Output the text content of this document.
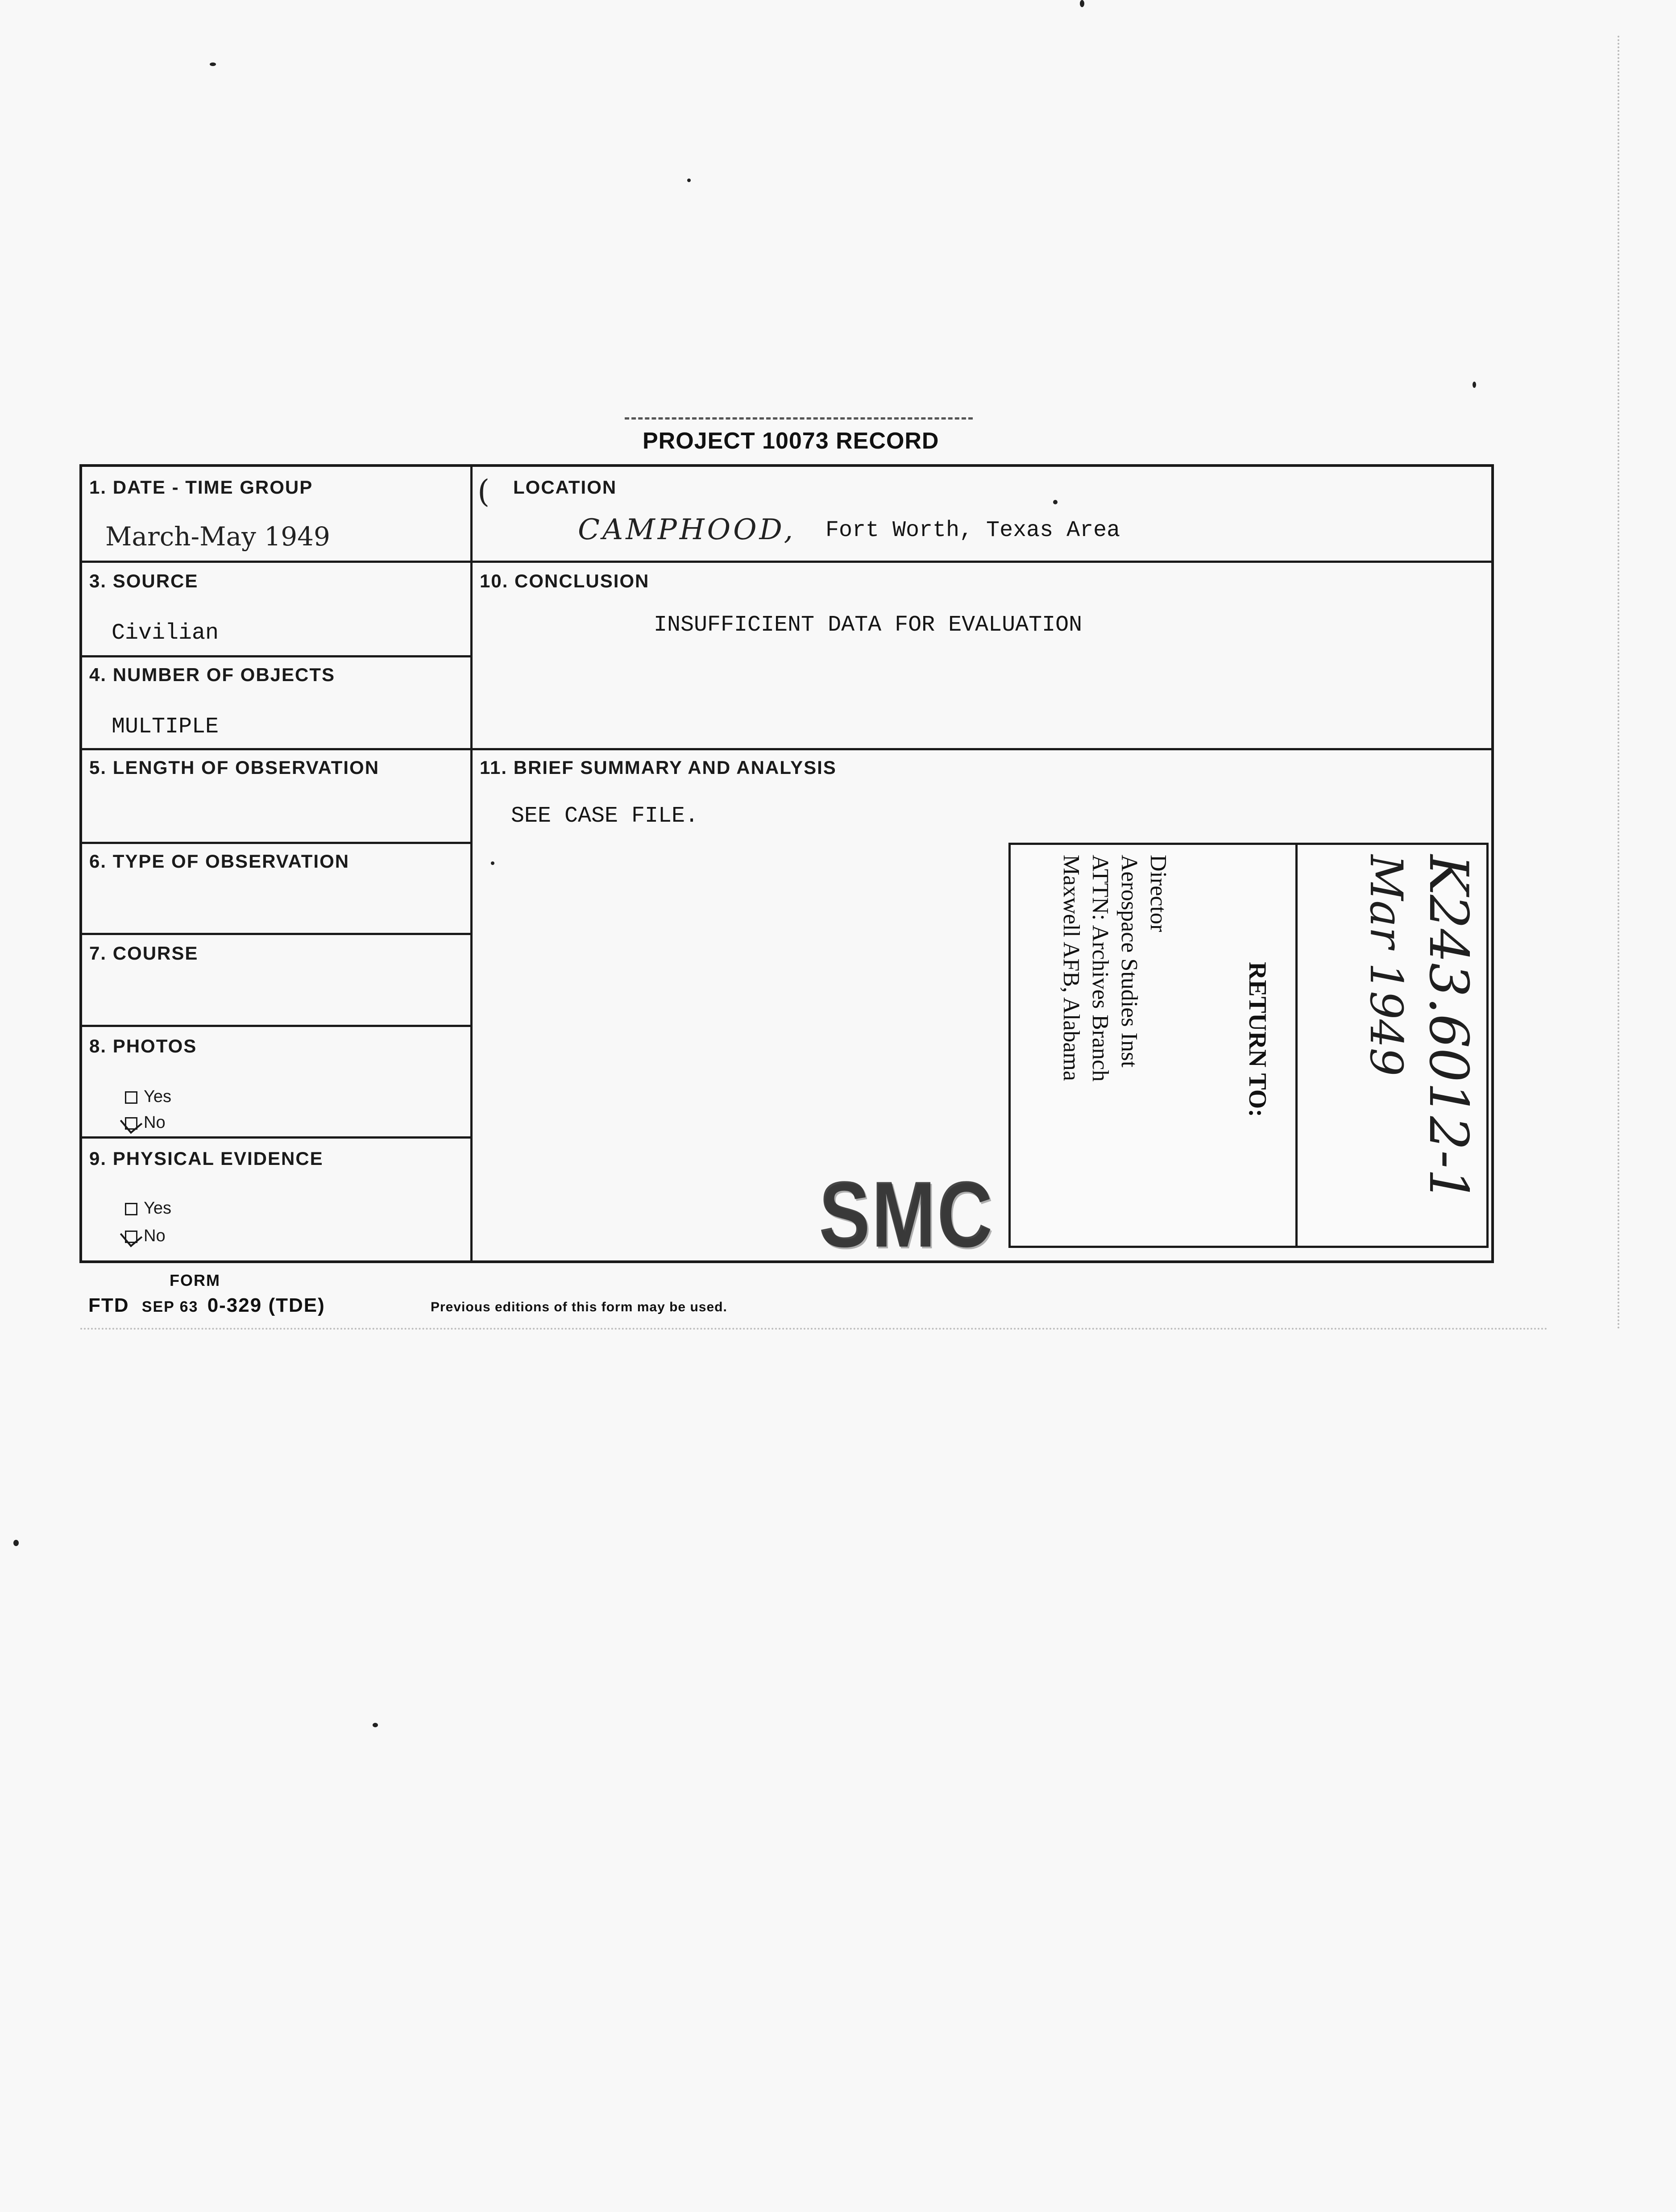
PROJECT 10073 RECORD
1. DATE - TIME GROUP
March-May 1949
( LOCATION
CAMPHOOD, Fort Worth, Texas Area
3. SOURCE
Civilian
10. CONCLUSION
INSUFFICIENT DATA FOR EVALUATION
4. NUMBER OF OBJECTS
MULTIPLE
5. LENGTH OF OBSERVATION	11. BRIEF SUMMARY AND ANALYSIS
SEE CASE FILE.
6. TYPE OF OBSERVATION
7. COURSE
8. PHOTOS
Yes
No
9. PHYSICAL EVIDENCE
Yes
No
RETURN TO:
Director
Aerospace Studies Inst
ATTN: Archives Branch
Maxwell AFB, Alabama	K243.6012-1
Mar 1949
SMC
FORM
FTD SEP 63 0-329 (TDE)	Previous editions of this form may be used.
